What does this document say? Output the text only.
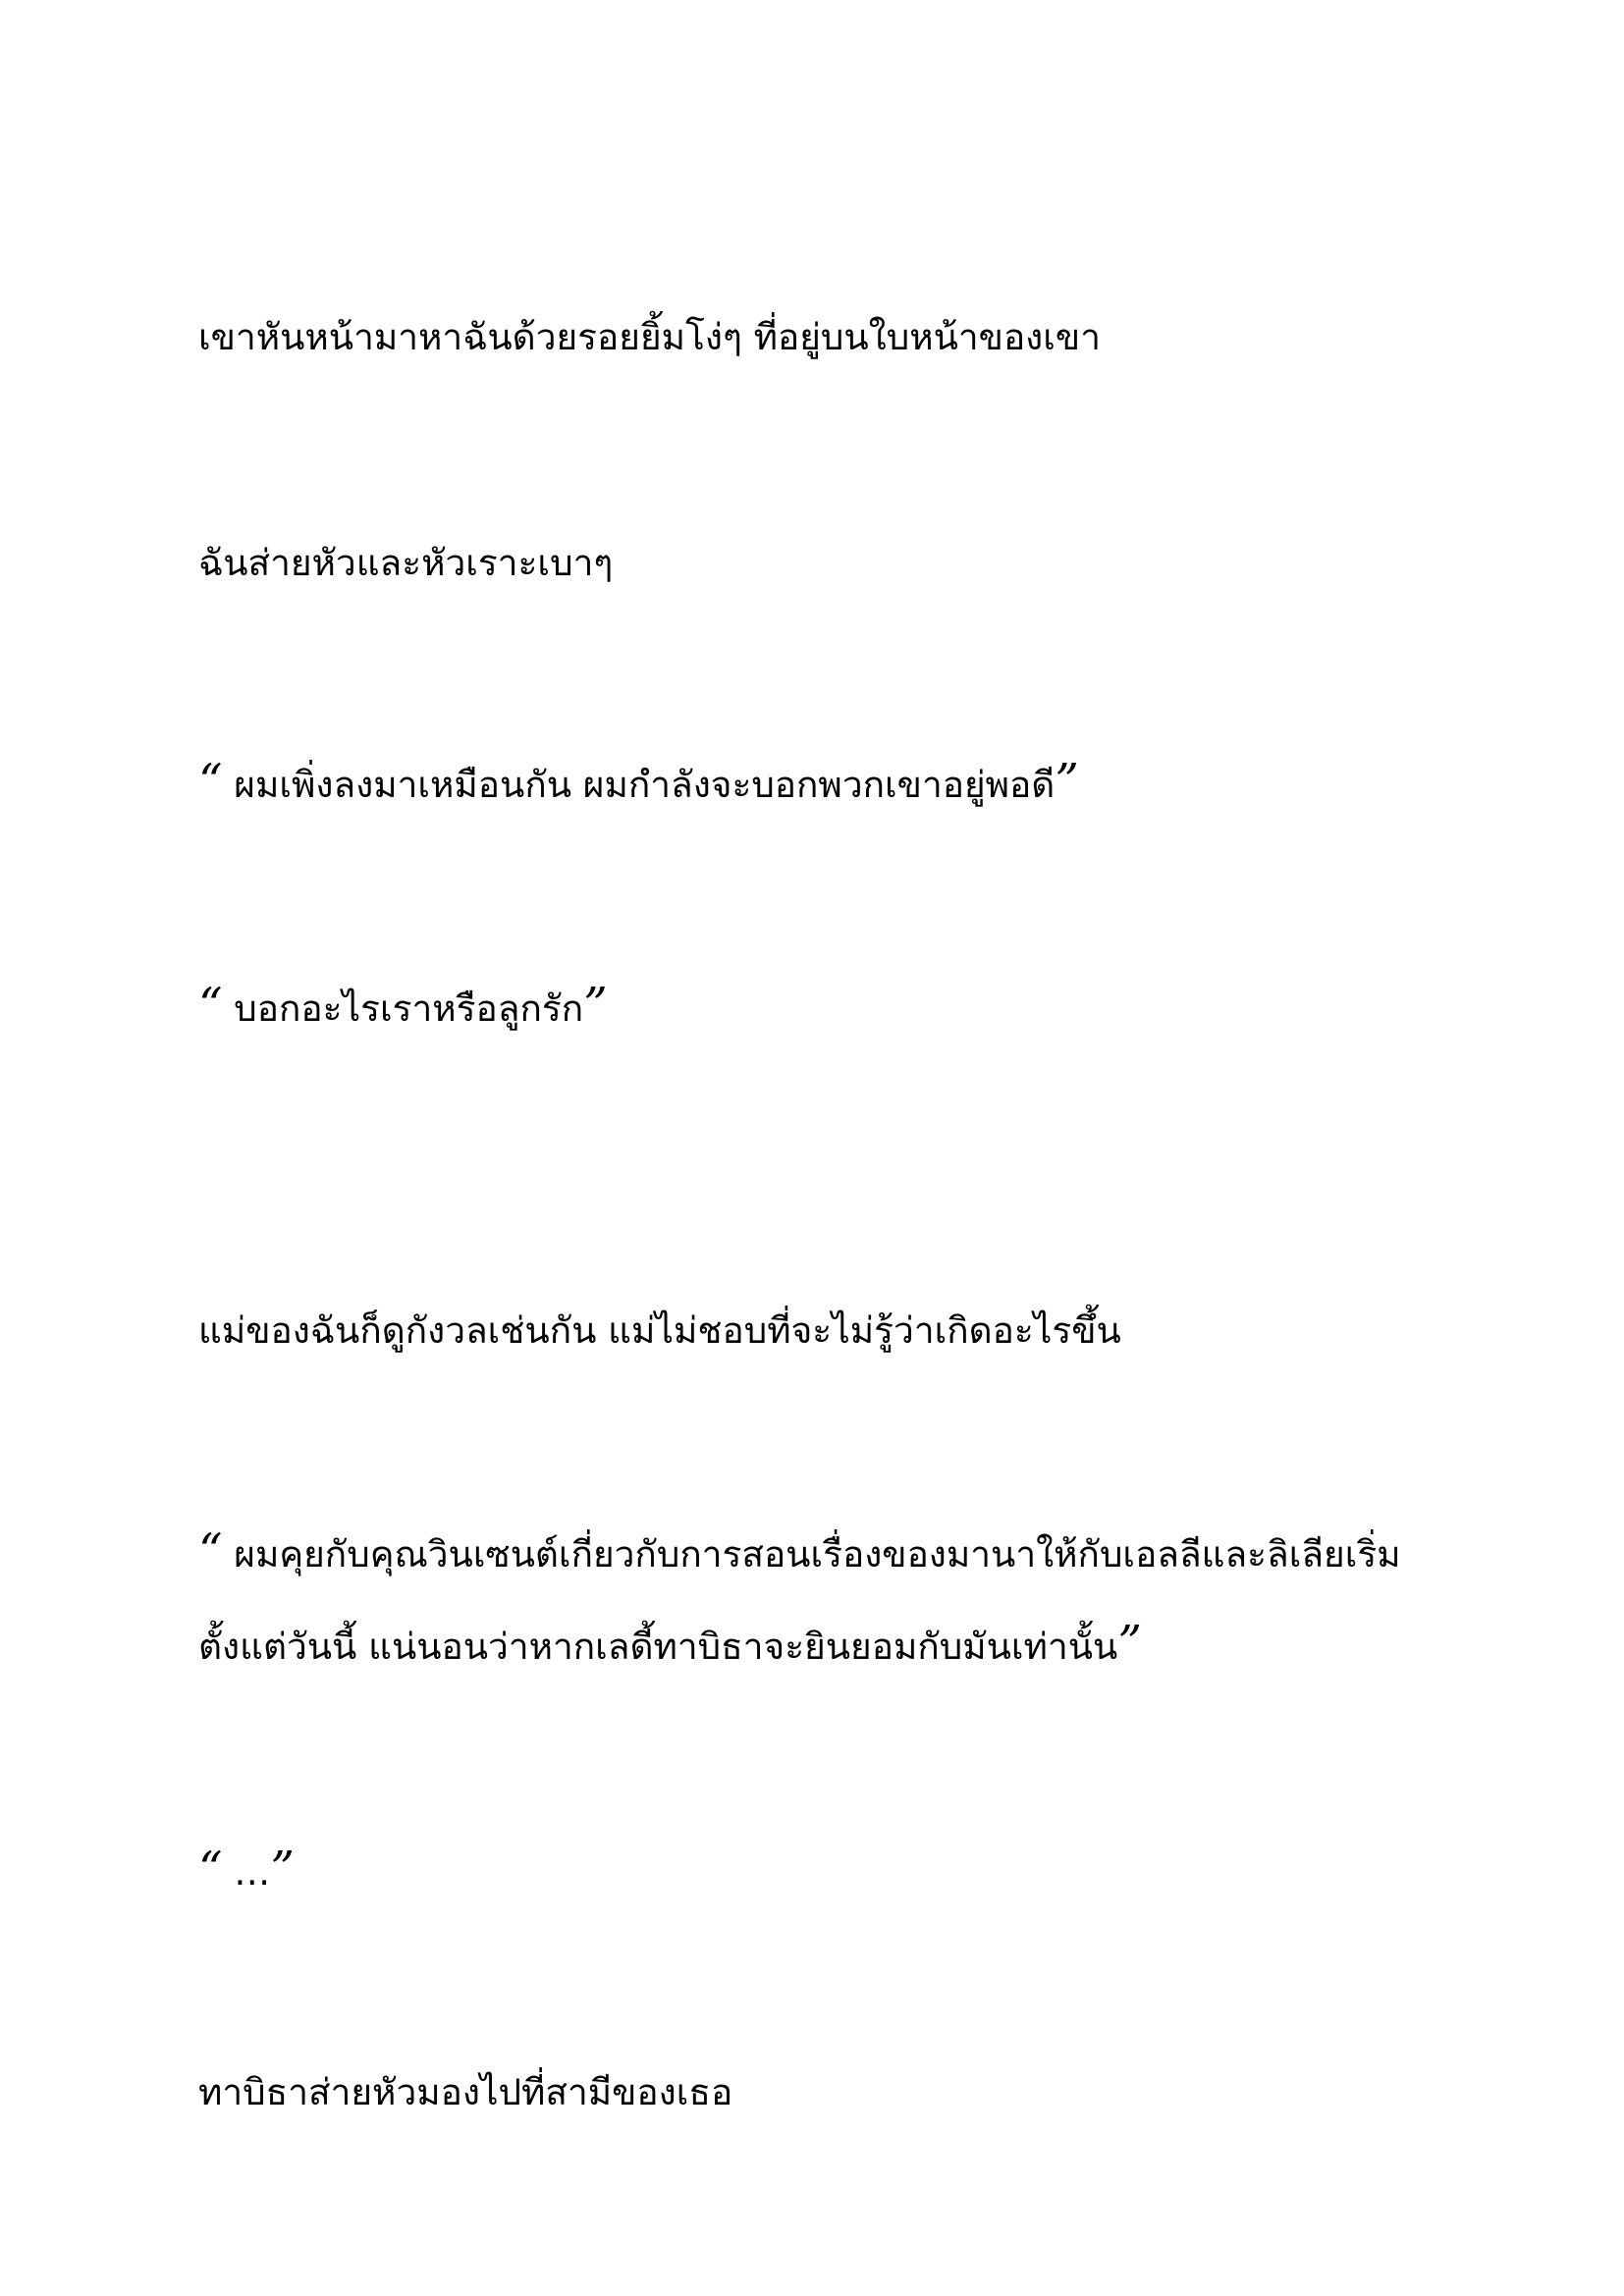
เขาหันหน้ามาหาฉันด้วยรอยยิ้มโง่ๆ ที่อยู่บนใบหน้าของเขา
ฉันส่ายหัวและหัวเราะเบาๆ
“ ผมเพิ่งลงมาเหมือนกัน ผมกำลังจะบอกพวกเขาอยู่พอดี”
“ บอกอะไรเราหรือลูกรัก”
แม่ของฉันก็ดูกังวลเช่นกัน แม่ไม่ชอบที่จะไม่รู้ว่าเกิดอะไรขึ้น
“ ผมคุยกับคุณวินเซนต์เกี่ยวกับการสอนเรื่องของมานาให้กับเอลลีและลิเลียเริ่ม
ตั้งแต่วันนี้ แน่นอนว่าหากเลดี้ทาบิธาจะยินยอมกับมันเท่านั้น”
“ …”
ทาบิธาส่ายหัวมองไปที่สามีของเธอ
